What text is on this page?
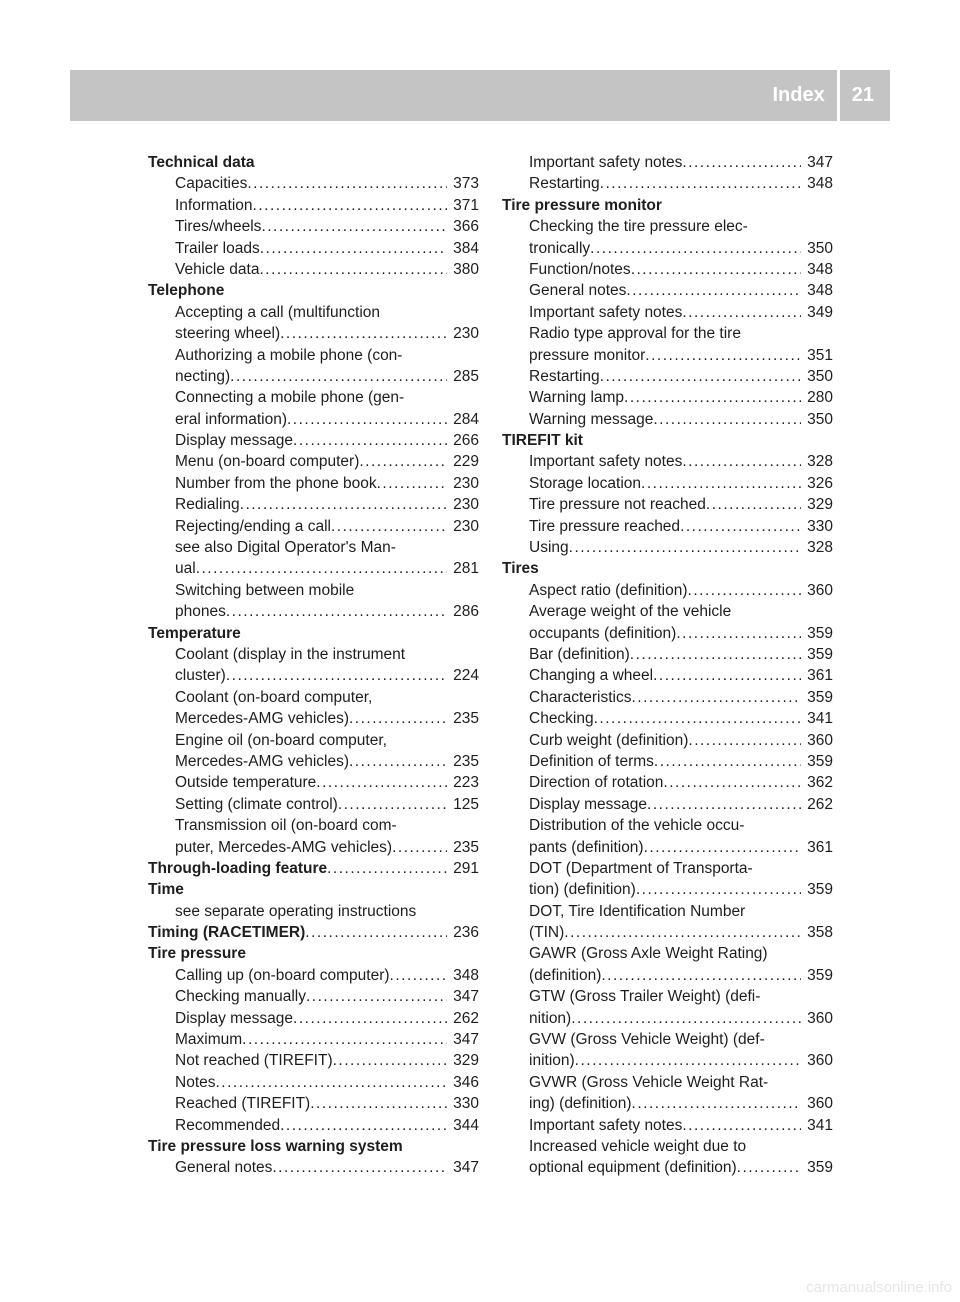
Index	21
Technical data
Capacities .....	373
Information .....	371
Tires/wheels .....	366
Trailer loads .....	384
Vehicle data .....	380
Telephone
Accepting a call (multifunction
steering wheel) .....	230
Authorizing a mobile phone (con-
necting) .....	285
Connecting a mobile phone (gen-
eral information) .....	284
Display message .....	266
Menu (on-board computer) .....	229
Number from the phone book .....	230
Redialing .....	230
Rejecting/ending a call .....	230
see also Digital Operator's Man-
ual .....	281
Switching between mobile
phones .....	286
Temperature
Coolant (display in the instrument
cluster) .....	224
Coolant (on-board computer,
Mercedes-AMG vehicles) .....	235
Engine oil (on-board computer,
Mercedes-AMG vehicles) .....	235
Outside temperature .....	223
Setting (climate control) .....	125
Transmission oil (on-board com-
puter, Mercedes-AMG vehicles) .....	235
Through-loading feature .....	291
Time
see separate operating instructions
Timing (RACETIMER) .....	236
Tire pressure
Calling up (on-board computer) .....	348
Checking manually .....	347
Display message .....	262
Maximum .....	347
Not reached (TIREFIT) .....	329
Notes .....	346
Reached (TIREFIT) .....	330
Recommended .....	344
Tire pressure loss warning system
General notes .....	347
Important safety notes .....	347
Restarting .....	348
Tire pressure monitor
Checking the tire pressure elec-
tronically .....	350
Function/notes .....	348
General notes .....	348
Important safety notes .....	349
Radio type approval for the tire
pressure monitor .....	351
Restarting .....	350
Warning lamp .....	280
Warning message .....	350
TIREFIT kit
Important safety notes .....	328
Storage location .....	326
Tire pressure not reached .....	329
Tire pressure reached .....	330
Using .....	328
Tires
Aspect ratio (definition) .....	360
Average weight of the vehicle
occupants (definition) .....	359
Bar (definition) .....	359
Changing a wheel .....	361
Characteristics .....	359
Checking .....	341
Curb weight (definition) .....	360
Definition of terms .....	359
Direction of rotation .....	362
Display message .....	262
Distribution of the vehicle occu-
pants (definition) .....	361
DOT (Department of Transporta-
tion) (definition) .....	359
DOT, Tire Identification Number
(TIN) .....	358
GAWR (Gross Axle Weight Rating)
(definition) .....	359
GTW (Gross Trailer Weight) (defi-
nition) .....	360
GVW (Gross Vehicle Weight) (def-
inition) .....	360
GVWR (Gross Vehicle Weight Rat-
ing) (definition) .....	360
Important safety notes .....	341
Increased vehicle weight due to
optional equipment (definition) .....	359
carmanualsonline.info
